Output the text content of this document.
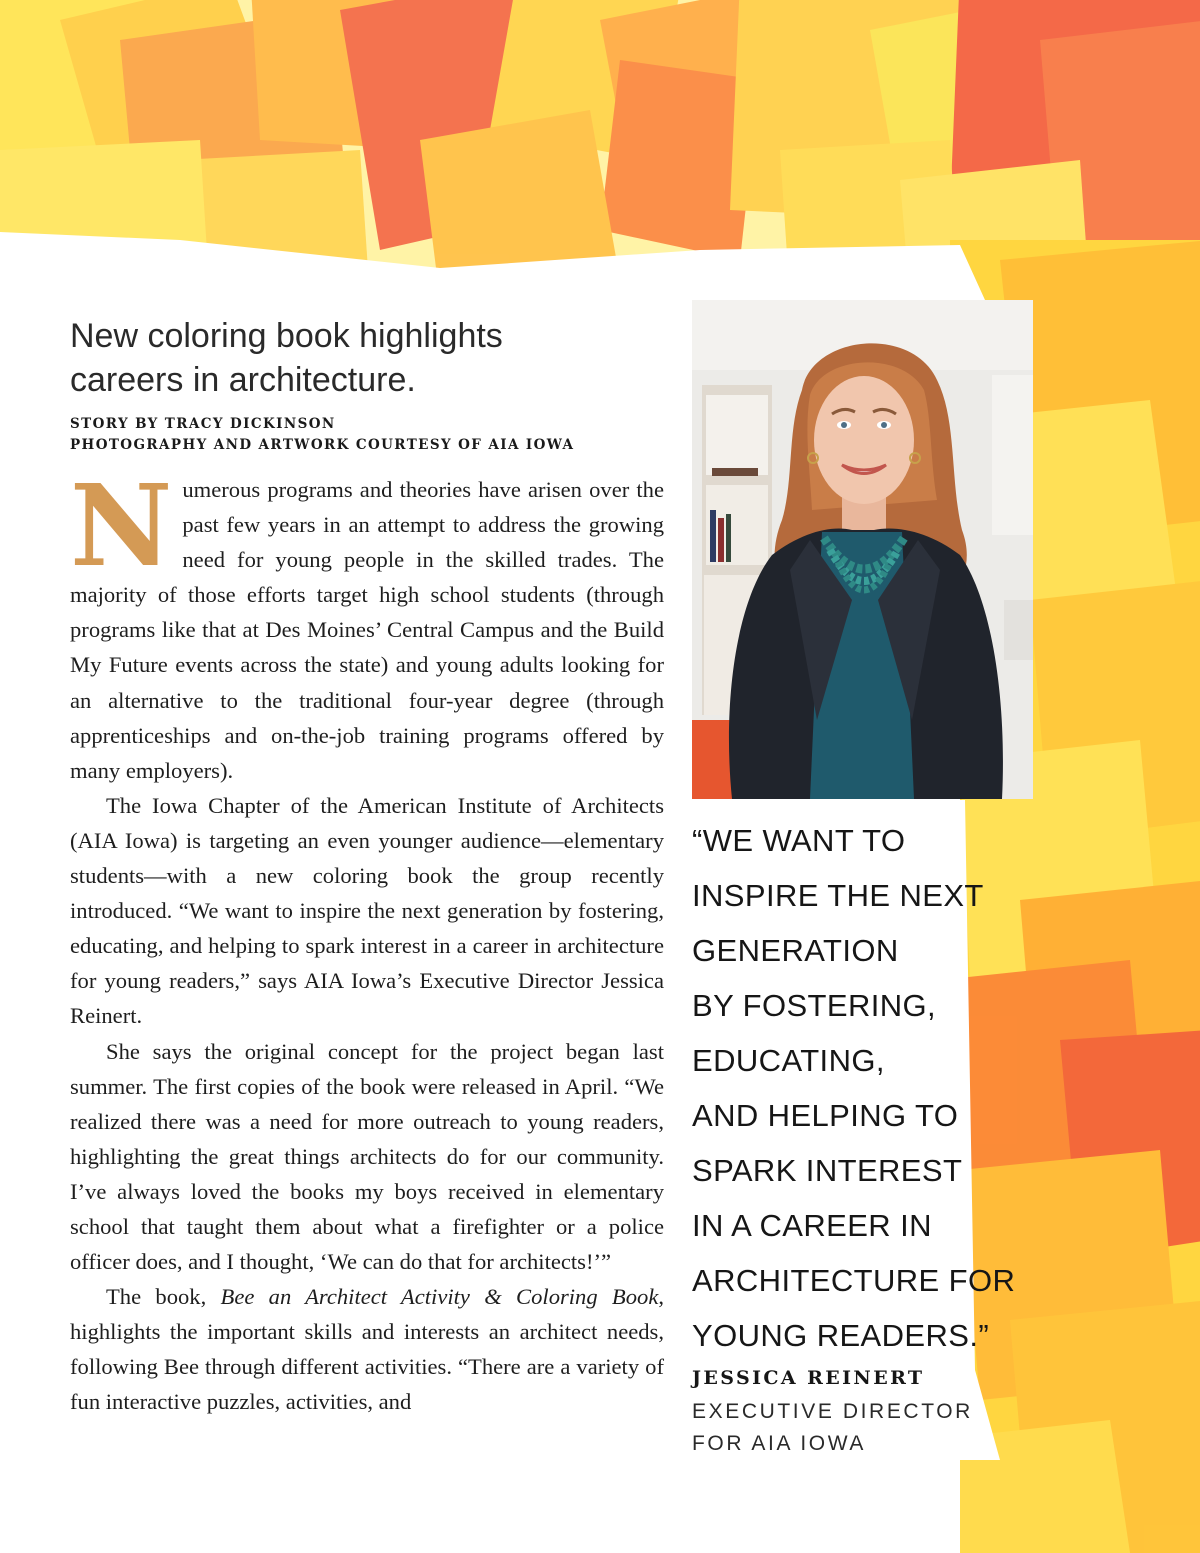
New coloring book highlights
careers in architecture.
STORY BY TRACY DICKINSON
PHOTOGRAPHY AND ARTWORK COURTESY OF AIA IOWA

N umerous programs and theories have arisen over the past few years in an attempt to address the growing need for young people in the skilled trades. The majority of those efforts target high school students (through programs like that at Des Moines’ Central Campus and the Build My Future events across the state) and young adults looking for an alternative to the traditional four-year degree (through apprenticeships and on-the-job training programs offered by many employers).

The Iowa Chapter of the American Institute of Architects (AIA Iowa) is targeting an even younger audience—elementary students—with a new coloring book the group recently introduced. “We want to inspire the next generation by fostering, educating, and helping to spark interest in a career in architecture for young readers,” says AIA Iowa’s Executive Director Jessica Reinert.

She says the original concept for the project began last summer. The first copies of the book were released in April. “We realized there was a need for more outreach to young readers, highlighting the great things architects do for our community. I’ve always loved the books my boys received in elementary school that taught them about what a firefighter or a police officer does, and I thought, ‘We can do that for architects!’”

The book, Bee an Architect Activity & Coloring Book, highlights the important skills and interests an architect needs, following Bee through different activities. “There are a variety of fun interactive puzzles, activities, and

“WE WANT TO
INSPIRE THE NEXT
GENERATION
BY FOSTERING,
EDUCATING,
AND HELPING TO
SPARK INTEREST
IN A CAREER IN
ARCHITECTURE FOR
YOUNG READERS.”
JESSICA REINERT
EXECUTIVE DIRECTOR
FOR AIA IOWA
